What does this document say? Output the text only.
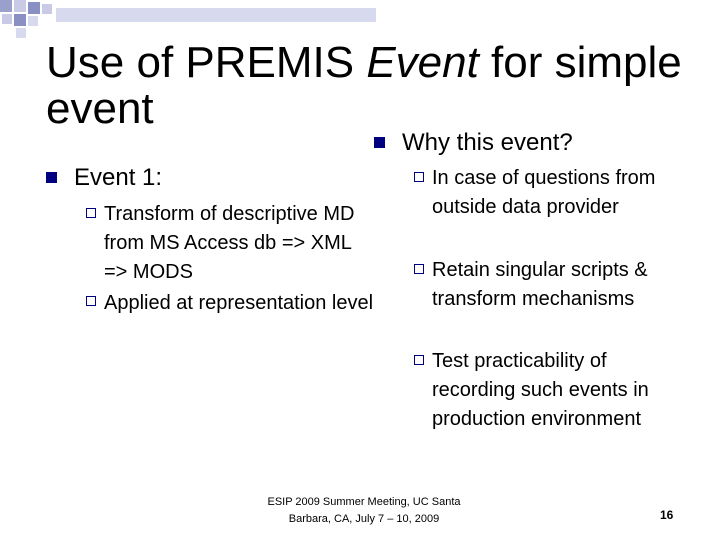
Use of PREMIS Event for simple event
Event 1:
Transform of descriptive MD from MS Access db => XML => MODS
Applied at representation level
Why this event?
In case of questions from outside data provider
Retain singular scripts & transform mechanisms
Test practicability of recording such events in production environment
ESIP 2009 Summer Meeting, UC Santa
Barbara, CA, July 7 – 10, 2009	16
